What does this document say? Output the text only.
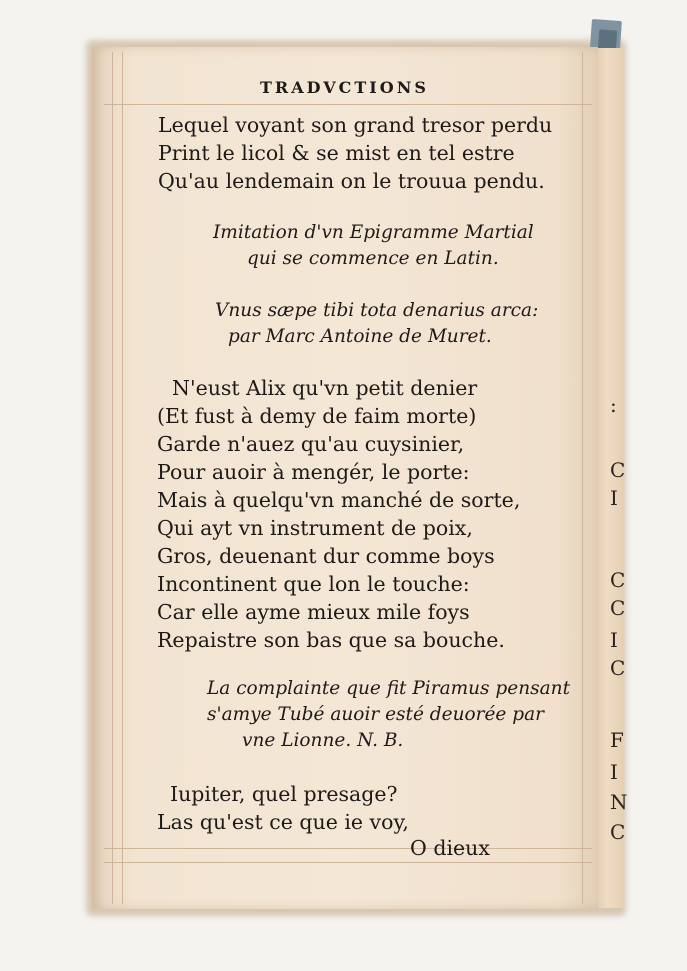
:
C
I
C
C
I
C
F
I
N
C
TRADVCTIONS
Lequel voyant son grand tresor perdu
Print le licol & se mist en tel estre
Qu'au lendemain on le trouua pendu.
Imitation d'vn Epigramme Martial
qui se commence en Latin.
Vnus sæpe tibi tota denarius arca:
par Marc Antoine de Muret.
N'eust Alix qu'vn petit denier
(Et fust à demy de faim morte)
Garde n'auez qu'au cuysinier,
Pour auoir à mengér, le porte:
Mais à quelqu'vn manché de sorte,
Qui ayt vn instrument de poix,
Gros, deuenant dur comme boys
Incontinent que lon le touche:
Car elle ayme mieux mile foys
Repaistre son bas que sa bouche.
La complainte que fit Piramus pensant
s'amye Tubé auoir esté deuorée par
vne Lionne. N. B.
Iupiter, quel presage?
Las qu'est ce que ie voy,
O dieux
